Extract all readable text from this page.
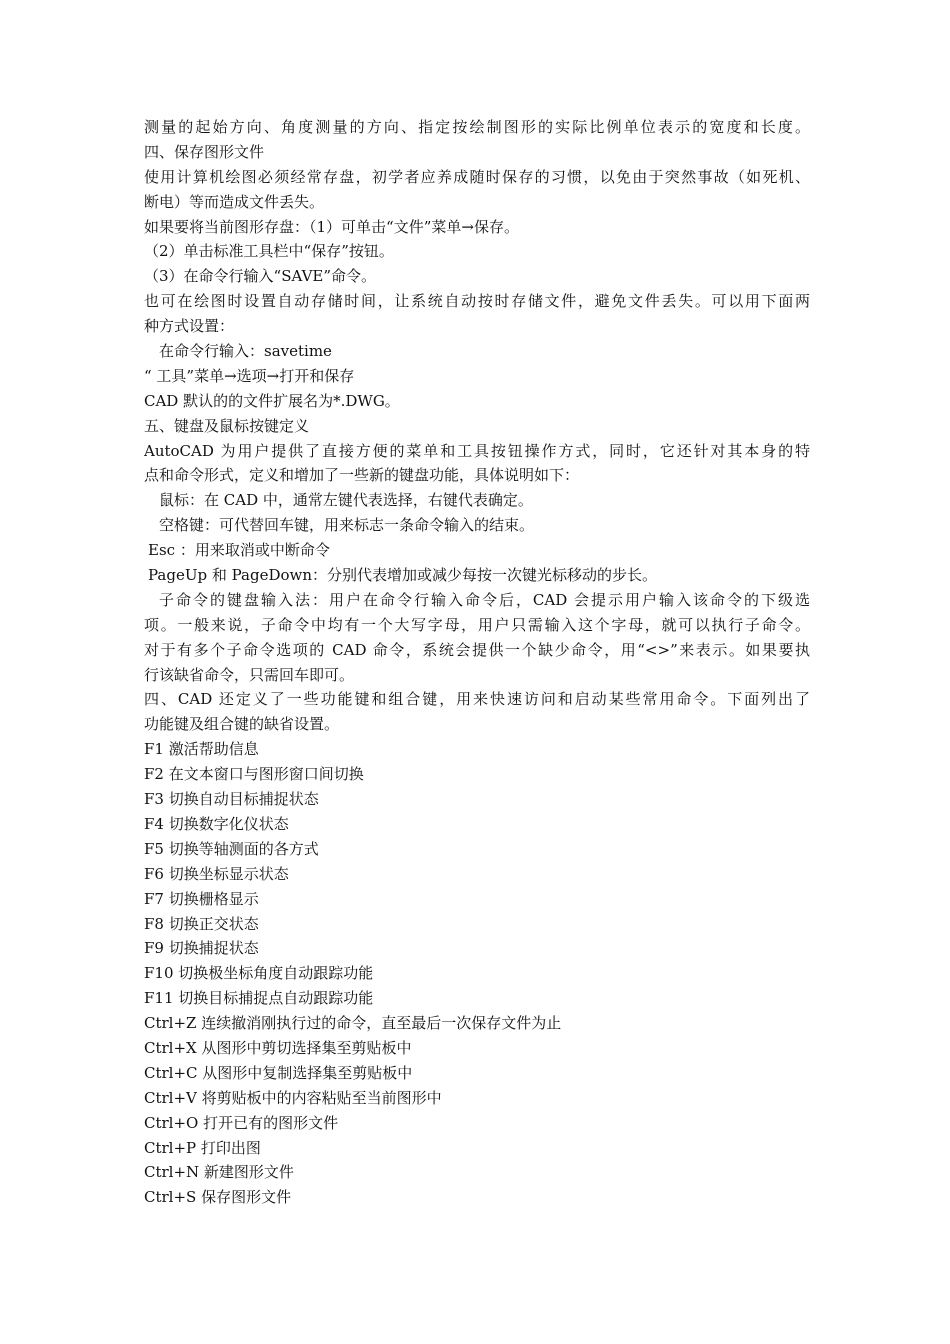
测量的起始方向、角度测量的方向、指定按绘制图形的实际比例单位表示的宽度和长度。
四、保存图形文件
使用计算机绘图必须经常存盘，初学者应养成随时保存的习惯，以免由于突然事故（如死机、
断电）等而造成文件丢失。
如果要将当前图形存盘：（1）可单击“文件”菜单→保存。
（2）单击标准工具栏中“保存”按钮。
（3）在命令行输入“SAVE”命令。
也可在绘图时设置自动存储时间，让系统自动按时存储文件，避免文件丢失。可以用下面两
种方式设置：
在命令行输入：savetime
“ 工具”菜单→选项→打开和保存
CAD 默认的的文件扩展名为*.DWG。
五、键盘及鼠标按键定义
AutoCAD 为用户提供了直接方便的菜单和工具按钮操作方式，同时，它还针对其本身的特
点和命令形式，定义和增加了一些新的键盘功能，具体说明如下：
鼠标：在 CAD 中，通常左键代表选择，右键代表确定。
空格键：可代替回车键，用来标志一条命令输入的结束。
Esc ：用来取消或中断命令
PageUp 和 PageDown：分别代表增加或减少每按一次键光标移动的步长。
子命令的键盘输入法：用户在命令行输入命令后，CAD 会提示用户输入该命令的下级选
项。一般来说，子命令中均有一个大写字母，用户只需输入这个字母，就可以执行子命令。
对于有多个子命令选项的 CAD 命令，系统会提供一个缺少命令，用“<>”来表示。如果要执
行该缺省命令，只需回车即可。
四、CAD 还定义了一些功能键和组合键，用来快速访问和启动某些常用命令。下面列出了
功能键及组合键的缺省设置。
F1 激活帮助信息
F2 在文本窗口与图形窗口间切换
F3 切换自动目标捕捉状态
F4 切换数字化仪状态
F5 切换等轴测面的各方式
F6 切换坐标显示状态
F7 切换栅格显示
F8 切换正交状态
F9 切换捕捉状态
F10 切换极坐标角度自动跟踪功能
F11 切换目标捕捉点自动跟踪功能
Ctrl+Z 连续撤消刚执行过的命令，直至最后一次保存文件为止
Ctrl+X 从图形中剪切选择集至剪贴板中
Ctrl+C 从图形中复制选择集至剪贴板中
Ctrl+V 将剪贴板中的内容粘贴至当前图形中
Ctrl+O 打开已有的图形文件
Ctrl+P 打印出图
Ctrl+N 新建图形文件
Ctrl+S 保存图形文件
